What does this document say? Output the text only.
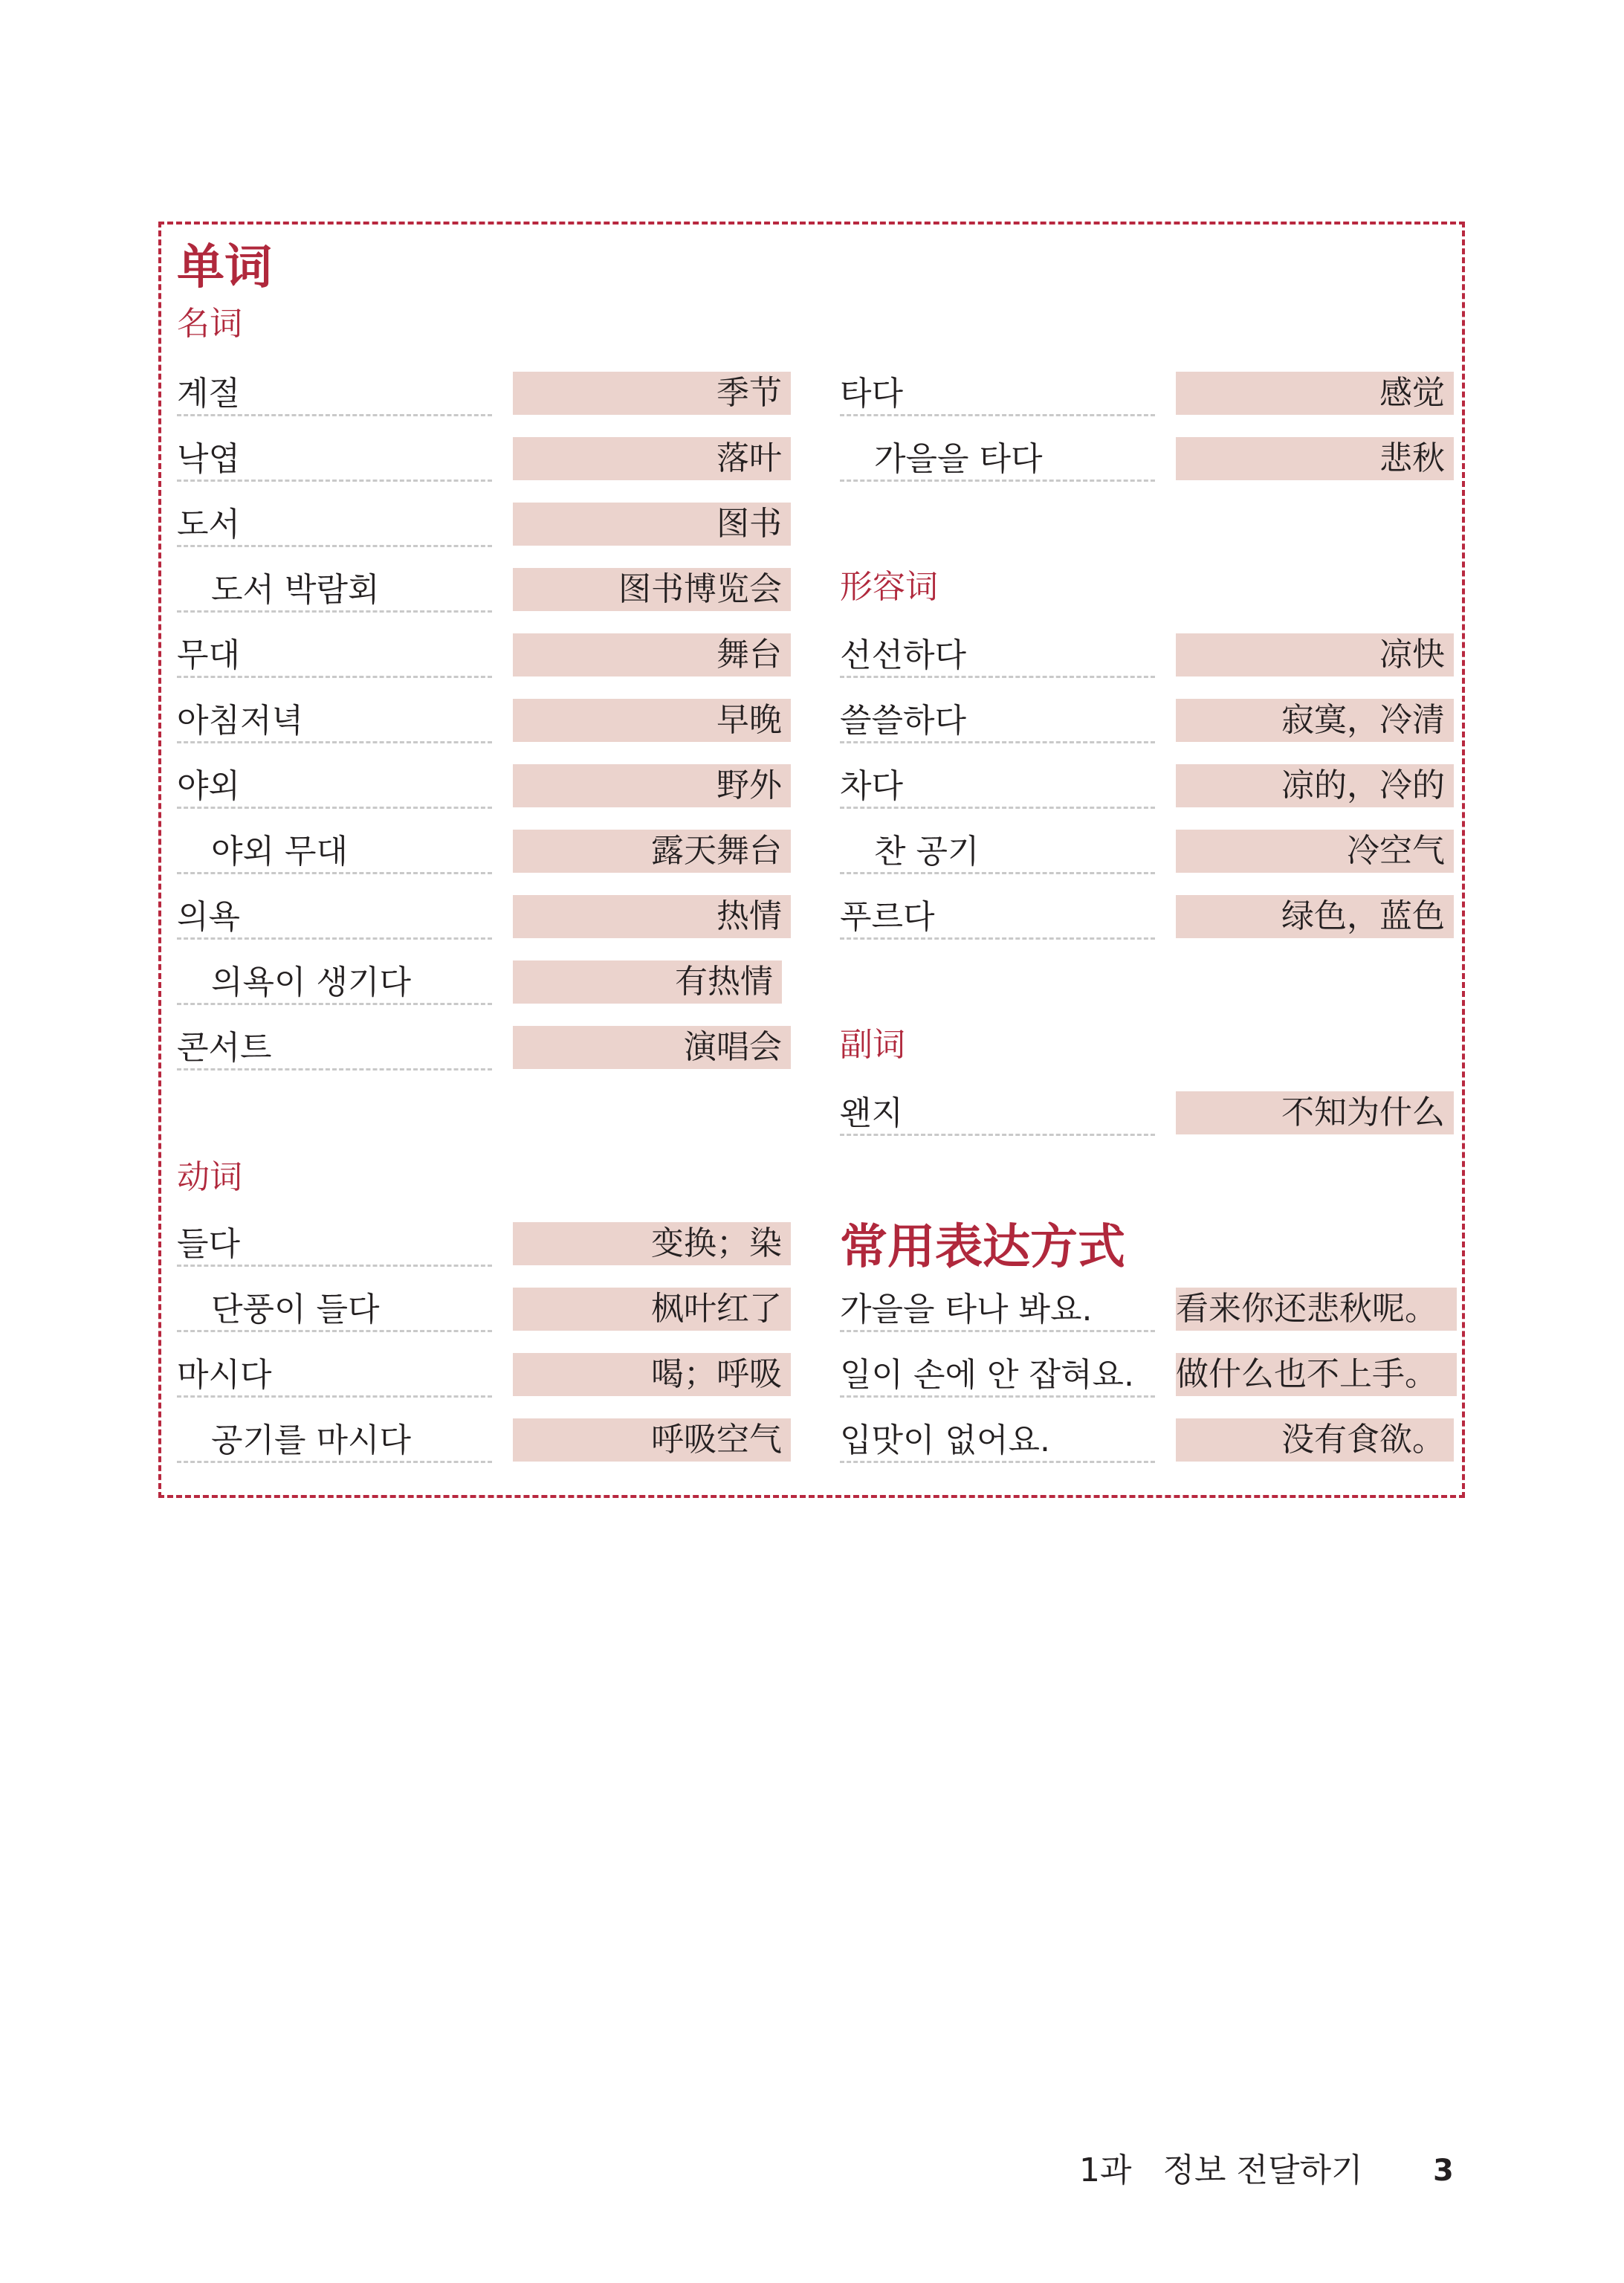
单词
名词
계절	季节
낙엽	落叶
도서	图书
도서 박람회	图书博览会
무대	舞台
아침저녁	早晚
야외	野外
야외 무대	露天舞台
의욕	热情
의욕이 생기다	有热情
콘서트	演唱会
动词
들다	变换；染
단풍이 들다	枫叶红了
마시다	喝；呼吸
공기를 마시다	呼吸空气
타다	感觉
가을을 타다	悲秋
形容词
선선하다	凉快
쓸쓸하다	寂寞，冷清
차다	凉的，冷的
찬 공기	冷空气
푸르다	绿色，蓝色
副词
왠지	不知为什么
常用表达方式
가을을 타나 봐요.	看来你还悲秋呢。
일이 손에 안 잡혀요.	做什么也不上手。
입맛이 없어요.	没有食欲。
1과   정보 전달하기 3
